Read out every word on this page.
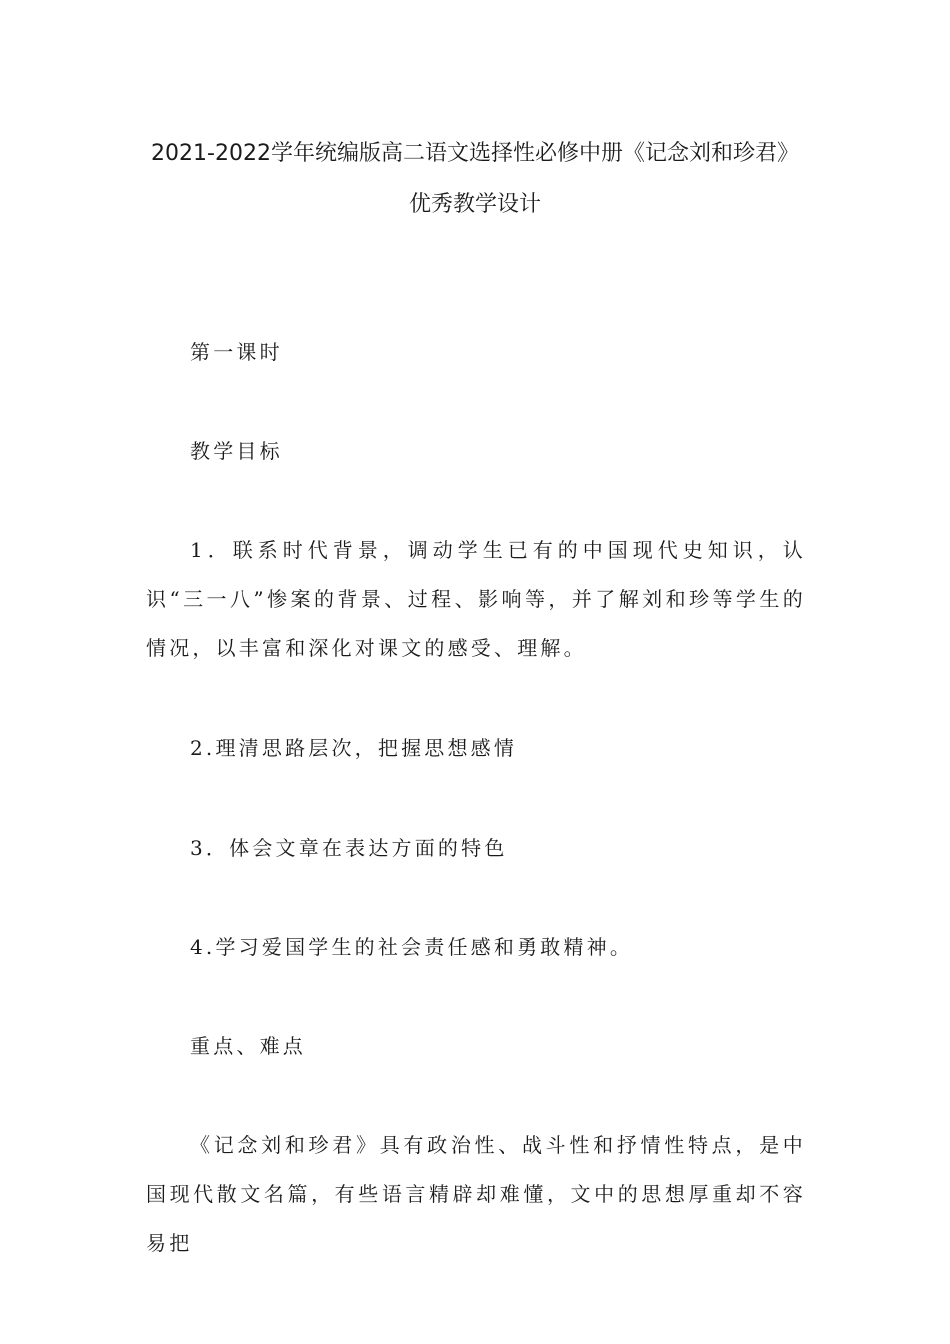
2021-2022学年统编版高二语文选择性必修中册《记念刘和珍君》
优秀教学设计

第一课时

教学目标

1．联系时代背景，调动学生已有的中国现代史知识，认识“三一八”惨案的背景、过程、影响等，并了解刘和珍等学生的情况，以丰富和深化对课文的感受、理解。

2.理清思路层次，把握思想感情

3．体会文章在表达方面的特色

4.学习爱国学生的社会责任感和勇敢精神。

重点、难点

《记念刘和珍君》具有政治性、战斗性和抒情性特点，是中国现代散文名篇，有些语言精辟却难懂，文中的思想厚重却不容易把
